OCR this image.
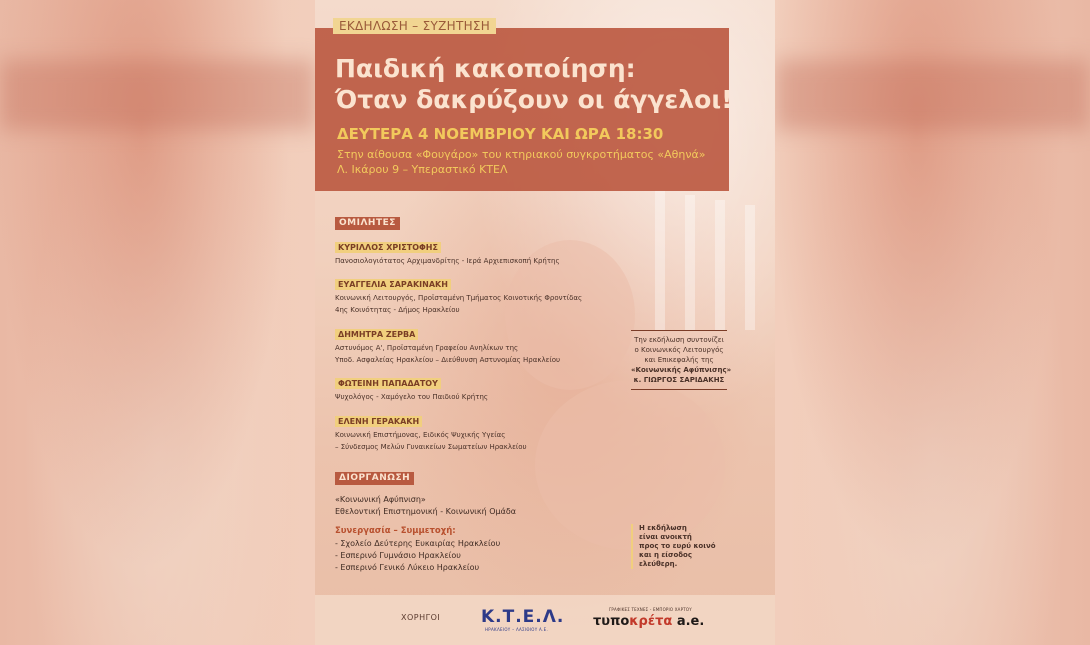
Παιδική κακοποίηση:
Όταν δακρύζουν οι άγγελοι!
ΔΕΥΤΕΡΑ 4 ΝΟΕΜΒΡΙΟΥ ΚΑΙ ΩΡΑ 18:30
Στην αίθουσα «Φουγάρο» του κτηριακού συγκροτήματος «Αθηνά»
Λ. Ικάρου 9 – Υπεραστικό ΚΤΕΛ
ΕΚΔΗΛΩΣΗ – ΣΥΖΗΤΗΣΗ
ΟΜΙΛΗΤΕΣ
ΚΥΡΙΛΛΟΣ ΧΡΙΣΤΟΦΗΣ
Πανοσιολογιότατος Αρχιμανδρίτης - Ιερά Αρχιεπισκοπή Κρήτης
ΕΥΑΓΓΕΛΙΑ ΣΑΡΑΚΙΝΑΚΗ
Κοινωνική Λειτουργός, Προϊσταμένη Τμήματος Κοινοτικής Φροντίδας
4ης Κοινότητας - Δήμος Ηρακλείου
ΔΗΜΗΤΡΑ ΖΕΡΒΑ
Αστυνόμος Α', Προϊσταμένη Γραφείου Ανηλίκων της
Υποδ. Ασφαλείας Ηρακλείου – Διεύθυνση Αστυνομίας Ηρακλείου
ΦΩΤΕΙΝΗ ΠΑΠΑΔΑΤΟΥ
Ψυχολόγος - Χαμόγελο του Παιδιού Κρήτης
ΕΛΕΝΗ ΓΕΡΑΚΑΚΗ
Κοινωνική Επιστήμονας, Ειδικός Ψυχικής Υγείας
– Σύνδεσμος Μελών Γυναικείων Σωματείων Ηρακλείου
Την εκδήλωση συντονίζει
ο Κοινωνικός Λειτουργός
και Επικεφαλής της
«Κοινωνικής Αφύπνισης»
κ. ΓΙΩΡΓΟΣ ΣΑΡΙΔΑΚΗΣ
ΔΙΟΡΓΑΝΩΣΗ
«Κοινωνική Αφύπνιση»
Εθελοντική Επιστημονική - Κοινωνική Ομάδα
Συνεργασία – Συμμετοχή:
- Σχολείο Δεύτερης Ευκαιρίας Ηρακλείου
- Εσπερινό Γυμνάσιο Ηρακλείου
- Εσπερινό Γενικό Λύκειο Ηρακλείου
Η εκδήλωση
είναι ανοικτή
προς το ευρύ κοινό
και η είσοδος
ελεύθερη.
ΧΟΡΗΓΟΙ Κ.Τ.Ε.Λ.
ΗΡΑΚΛΕΙΟΥ – ΛΑΣΙΘΙΟΥ Α.Ε.
ΓΡΑΦΙΚΕΣ ΤΕΧΝΕΣ - ΕΜΠΟΡΙΟ ΧΑΡΤΟΥ
τυποκρέτα a.e.
